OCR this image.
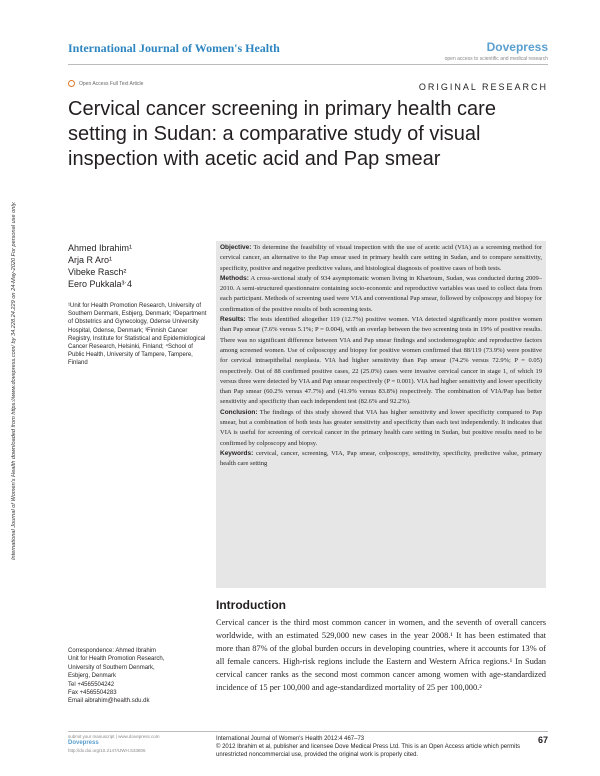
International Journal of Women's Health	Dovepress
open access to scientific and medical research
Open Access Full Text Article	ORIGINAL RESEARCH
Cervical cancer screening in primary health care setting in Sudan: a comparative study of visual inspection with acetic acid and Pap smear
International Journal of Women's Health downloaded from https://www.dovepress.com/ by 34.228.24.229 on 24-May-2020 For personal use only.	Ahmed Ibrahim¹
Arja R Aro¹
Vibeke Rasch²
Eero Pukkala³ˑ4
¹Unit for Health Promotion Research, University of Southern Denmark, Esbjerg, Denmark; ²Department of Obstetrics and Gynecology, Odense University Hospital, Odense, Denmark; ³Finnish Cancer Registry, Institute for Statistical and Epidemiological Cancer Research, Helsinki, Finland; ⁴School of Public Health, University of Tampere, Tampere, Finland

Objective: To determine the feasibility of visual inspection with the use of acetic acid (VIA) as a screening method for cervical cancer, an alternative to the Pap smear used in primary health care setting in Sudan, and to compare sensitivity, specificity, positive and negative predictive values, and histological diagnosis of positive cases of both tests.

Methods: A cross-sectional study of 934 asymptomatic women living in Khartoum, Sudan, was conducted during 2009–2010. A semi-structured questionnaire containing socio-economic and reproductive variables was used to collect data from each participant. Methods of screening used were VIA and conventional Pap smear, followed by colposcopy and biopsy for confirmation of the positive results of both screening tests.

Results: The tests identified altogether 119 (12.7%) positive women. VIA detected significantly more positive women than Pap smear (7.6% versus 5.1%; P = 0.004), with an overlap between the two screening tests in 19% of positive results. There was no significant difference between VIA and Pap smear findings and sociodemographic and reproductive factors among screened women. Use of colposcopy and biopsy for positive women confirmed that 88/119 (73.9%) were positive for cervical intraepithelial neoplasia. VIA had higher sensitivity than Pap smear (74.2% versus 72.9%; P = 0.05) respectively. Out of 88 confirmed positive cases, 22 (25.0%) cases were invasive cervical cancer in stage 1, of which 19 versus three were detected by VIA and Pap smear respectively (P = 0.001). VIA had higher sensitivity and lower specificity than Pap smear (60.2% versus 47.7%) and (41.9% versus 83.8%) respectively. The combination of VIA/Pap has better sensitivity and specificity than each independent test (82.6% and 92.2%).

Conclusion: The findings of this study showed that VIA has higher sensitivity and lower specificity compared to Pap smear, but a combination of both tests has greater sensitivity and specificity than each test independently. It indicates that VIA is useful for screening of cervical cancer in the primary health care setting in Sudan, but positive results need to be confirmed by colposcopy and biopsy.

Keywords: cervical, cancer, screening, VIA, Pap smear, colposcopy, sensitivity, specificity, predictive value, primary health care setting

Introduction
Cervical cancer is the third most common cancer in women, and the seventh of overall cancers worldwide, with an estimated 529,000 new cases in the year 2008.¹ It has been estimated that more than 87% of the global burden occurs in developing countries, where it accounts for 13% of all female cancers. High-risk regions include the Eastern and Western Africa regions.¹ In Sudan cervical cancer ranks as the second most common cancer among women with age-standardized incidence of 15 per 100,000 and age-standardized mortality of 25 per 100,000.²
Correspondence: Ahmed Ibrahim
Unit for Health Promotion Research,
University of Southern Denmark,
Esbjerg, Denmark
Tel +4565504242
Fax +4565504283
Email aibrahim@health.sdu.dk
submit your manuscript | www.dovepress.com
Dovepress
http://dx.doi.org/10.2147/IJWH.S33806
International Journal of Women's Health 2012:4 467–73
© 2012 Ibrahim et al, publisher and licensee Dove Medical Press Ltd. This is an Open Access article which permits unrestricted noncommercial use, provided the original work is properly cited.
67
